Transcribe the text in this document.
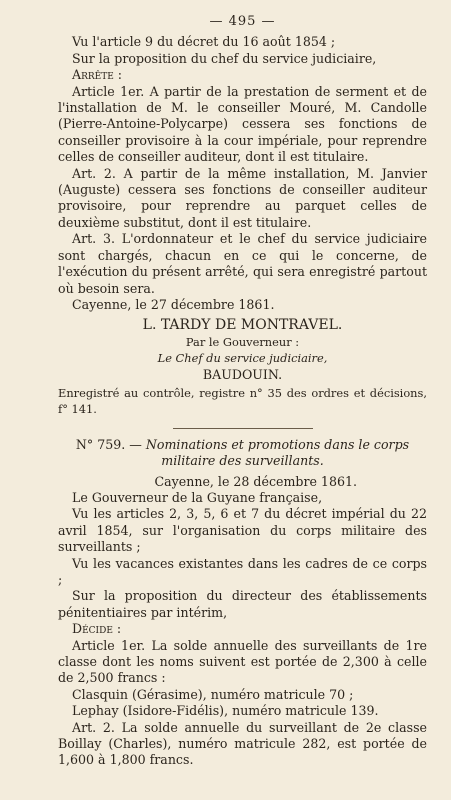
— 495 —

Vu l'article 9 du décret du 16 août 1854 ;

Sur la proposition du chef du service judiciaire,

Arrête :

Article 1er. A partir de la prestation de serment et de l'installation de M. le conseiller Mouré, M. Candolle (Pierre-Antoine-Polycarpe) cessera ses fonctions de conseiller provisoire à la cour impériale, pour reprendre celles de conseiller auditeur, dont il est titulaire.

Art. 2. A partir de la même installation, M. Janvier (Auguste) cessera ses fonctions de conseiller auditeur provisoire, pour reprendre au parquet celles de deuxième substitut, dont il est titulaire.

Art. 3. L'ordonnateur et le chef du service judiciaire sont chargés, chacun en ce qui le concerne, de l'exécution du présent arrêté, qui sera enregistré partout où besoin sera.

Cayenne, le 27 décembre 1861.

L. TARDY DE MONTRAVEL.
Par le Gouverneur :
Le Chef du service judiciaire,
BAUDOUIN.

Enregistré au contrôle, registre n° 35 des ordres et décisions, f° 141.

N° 759. — Nominations et promotions dans le corps militaire des surveillants.

Cayenne, le 28 décembre 1861.

Le Gouverneur de la Guyane française,

Vu les articles 2, 3, 5, 6 et 7 du décret impérial du 22 avril 1854, sur l'organisation du corps militaire des surveillants ;

Vu les vacances existantes dans les cadres de ce corps ;

Sur la proposition du directeur des établissements pénitentiaires par intérim,

Décide :

Article 1er. La solde annuelle des surveillants de 1re classe dont les noms suivent est portée de 2,300 à celle de 2,500 francs :

Clasquin (Gérasime), numéro matricule 70 ;

Lephay (Isidore-Fidélis), numéro matricule 139.

Art. 2. La solde annuelle du surveillant de 2e classe Boillay (Charles), numéro matricule 282, est portée de 1,600 à 1,800 francs.
